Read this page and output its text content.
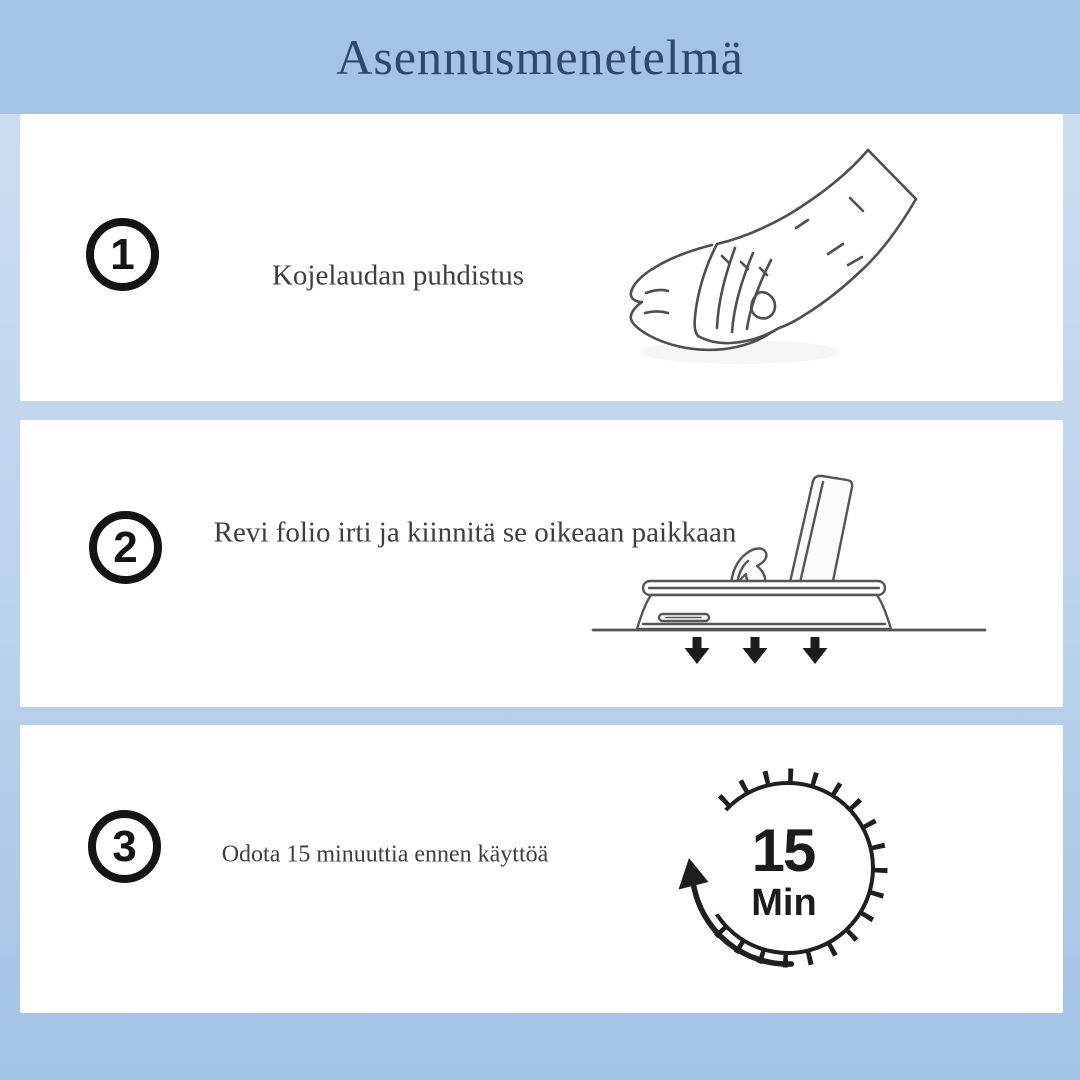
Asennusmenetelmä
1	Kojelaudan puhdistus
2	Revi folio irti ja kiinnitä se oikeaan paikkaan
3	Odota 15 minuuttia ennen käyttöä	15
Min
